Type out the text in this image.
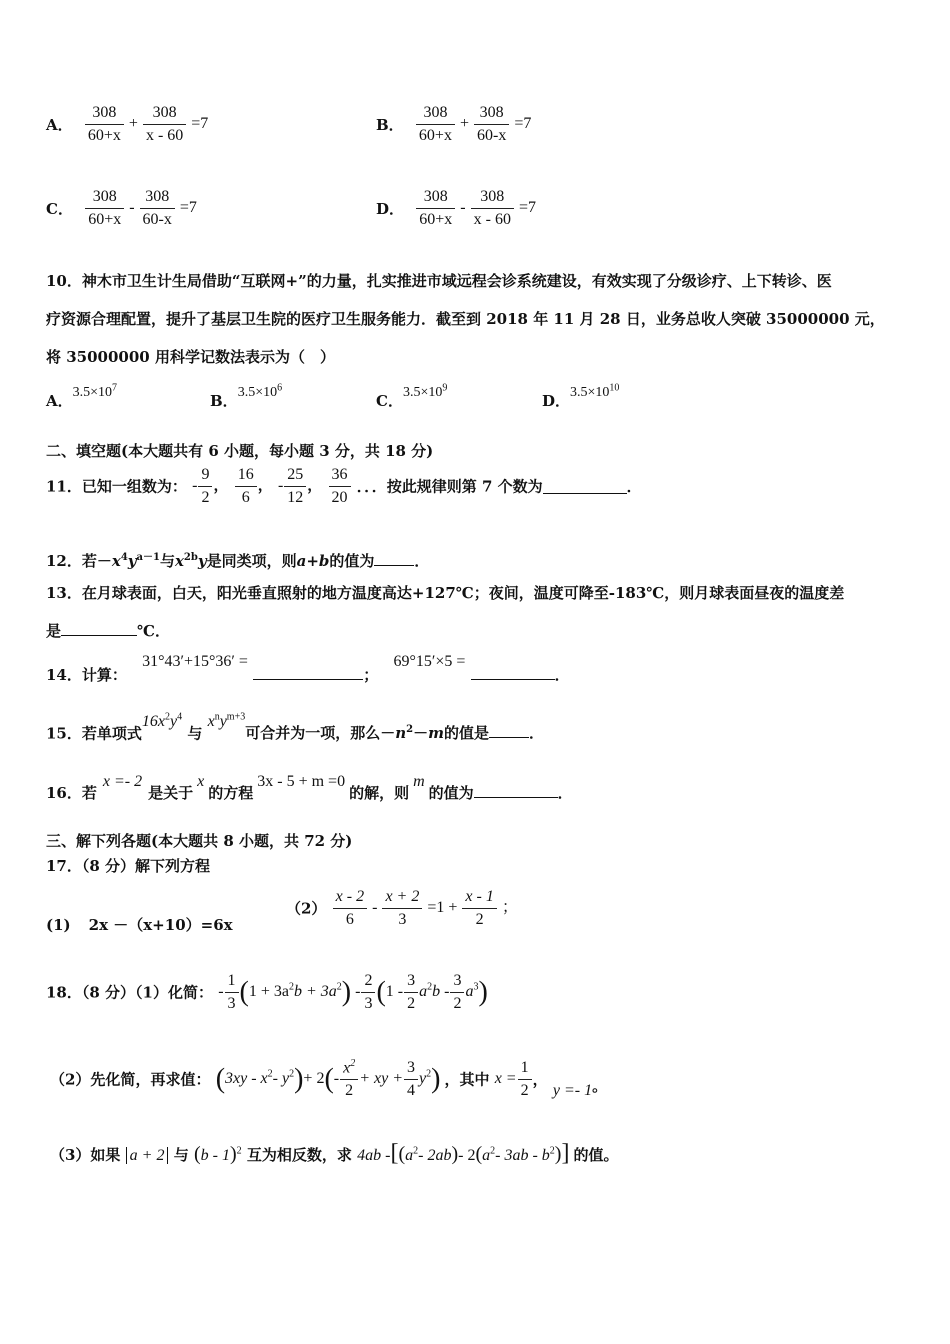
A． $\frac{308}{60+x} + \frac{308}{x - 60} =7$	B． $\frac{308}{60+x} + \frac{308}{60-x} =7$
C． $\frac{308}{60+x} - \frac{308}{60-x} =7$	D． $\frac{308}{60+x} - \frac{308}{x - 60} =7$
10．神木市卫生计生局借助“互联网+”的力量，扎实推进市域远程会诊系统建设，有效实现了分级诊疗、上下转诊、医
疗资源合理配置，提升了基层卫生院的医疗卫生服务能力．截至到 2018 年 11 月 28 日，业务总收人突破 35000000 元，
将 35000000 用科学记数法表示为（　）
A．$3.5\times 10^7$
B．$3.5\times 10^6$
C．$3.5\times 10^9$
D．$3.5\times 10^{10}$
二、填空题(本大题共有 6 小题，每小题 3 分，共 18 分)
11．已知一组数为： - $\frac{9}{2}$ ， $\frac{16}{6}$ ， - $\frac{25}{12}$ ， $\frac{36}{20}$ ．．．按此规律则第 7 个数为	．
12．若$-x^4y^{a-1}$与$x^{2b}y$是同类项，则a+b的值为	．
13．在月球表面，白天，阳光垂直照射的地方温度高达+127℃；夜间，温度可降至-183℃，则月球表面昼夜的温度差
是	℃．
14．计算： 31°43′+15°36′ = ； 69°15′×5 = ．
15．若单项式$16x^2y^4$ 与 $x^ny^{m+3}$可合并为一项，那么$-n^2-m$的值是	．
16．若x =- 2是关于x的方程3x - 5 + m =0的解，则m的值为	．
三、解下列各题(本大题共 8 小题，共 72 分)
17．（8 分）解下列方程
(1) 2x －（x+10）=6x
$(2) \frac{x - 2}{6} - \frac{x + 2}{3} =1 + \frac{x - 1}{2}$ ；
18．（8 分）（1）化简： - $\frac{1}{3} (1 + 3a^2b + 3a^2) - \frac{2}{3} (1 - \frac{3}{2} a^2b - \frac{3}{2} a^3)$
（2）先化简，再求值： ($3xy - x^2-$ $y^2)+ 2(- \frac{x^2}{2}$ + xy + $\frac{3}{4} y^2$) ，其中 $x = \frac{1}{2}$ ， y =- 1。
（3）如果 a + 2 与 (b - 1)$^2$ 互为相反数，求 4ab $-[(a^2-$ 2ab)- $2(a^2-$ $3ab - b^2$)] 的值。
